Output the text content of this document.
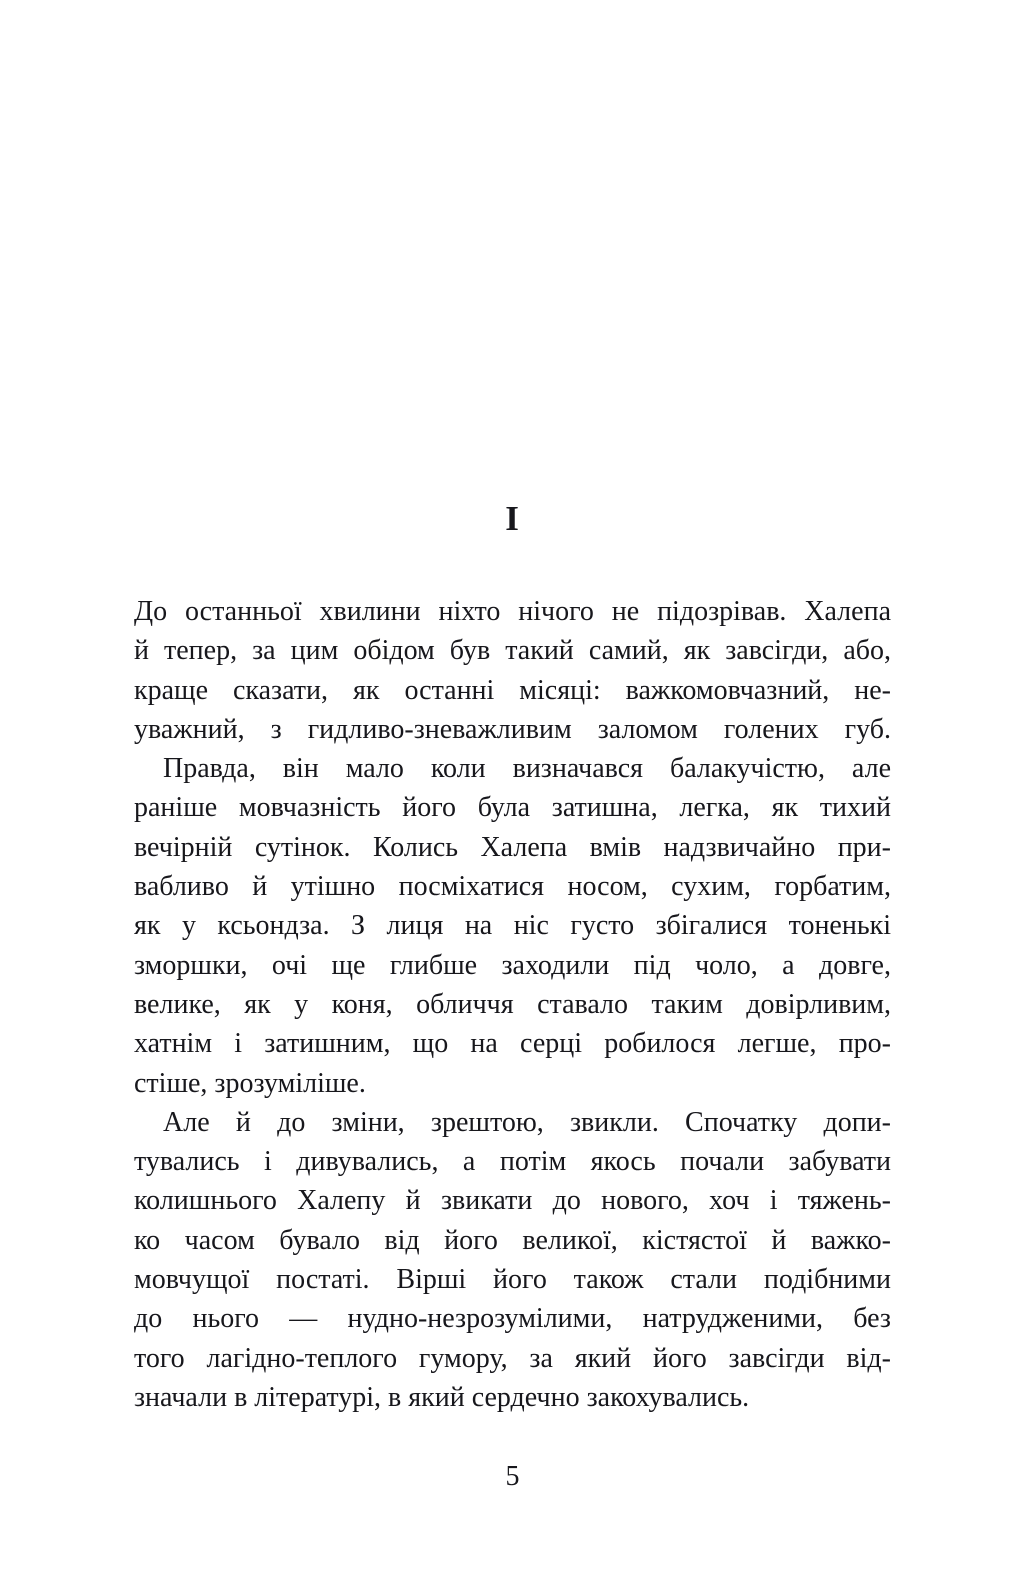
I
До останньої хвилини ніхто нічого не підозрівав. Халепа
й тепер, за цим обідом був такий самий, як завсігди, або,
краще сказати, як останні місяці: важкомовчазний, не-
уважний, з гидливо-зневажливим заломом голених губ.
Правда, він мало коли визначався балакучістю, але
раніше мовчазність його була затишна, легка, як тихий
вечірній сутінок. Колись Халепа вмів надзвичайно при-
вабливо й утішно посміхатися носом, сухим, горбатим,
як у ксьондза. З лиця на ніс густо збігалися тоненькі
зморшки, очі ще глибше заходили під чоло, а довге,
велике, як у коня, обличчя ставало таким довірливим,
хатнім і затишним, що на серці робилося легше, про-
стіше, зрозуміліше.
Але й до зміни, зрештою, звикли. Спочатку допи-
тувались і дивувались, а потім якось почали забувати
колишнього Халепу й звикати до нового, хоч і тяжень-
ко часом бувало від його великої, кістястої й важко-
мовчущої постаті. Вірші його також стали подібними
до нього — нудно-незрозумілими, натрудженими, без
того лагідно-теплого гумору, за який його завсігди від-
значали в літературі, в який сердечно закохувались.
5
